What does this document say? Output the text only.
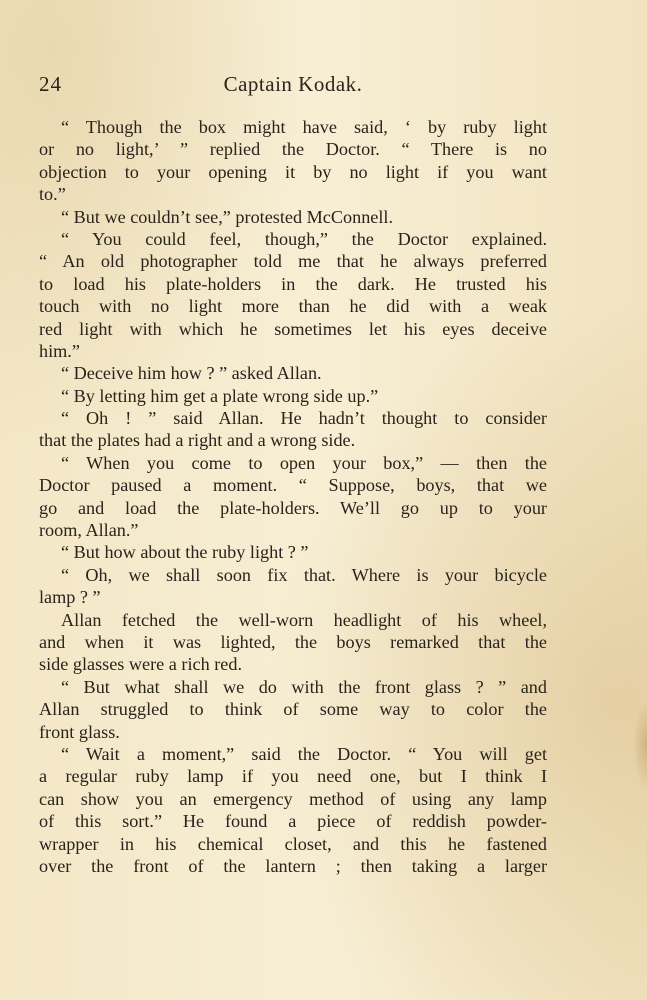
24	Captain Kodak.
“ Though the box might have said, ‘ by ruby light
or no light,’ ” replied the Doctor. “ There is no
objection to your opening it by no light if you want
to.”
“ But we couldn’t see,” protested McConnell.
“ You could feel, though,” the Doctor explained.
“ An old photographer told me that he always preferred
to load his plate-holders in the dark. He trusted his
touch with no light more than he did with a weak
red light with which he sometimes let his eyes deceive
him.”
“ Deceive him how ? ” asked Allan.
“ By letting him get a plate wrong side up.”
“ Oh ! ” said Allan. He hadn’t thought to consider
that the plates had a right and a wrong side.
“ When you come to open your box,” — then the
Doctor paused a moment. “ Suppose, boys, that we
go and load the plate-holders. We’ll go up to your
room, Allan.”
“ But how about the ruby light ? ”
“ Oh, we shall soon fix that. Where is your bicycle
lamp ? ”
Allan fetched the well-worn headlight of his wheel,
and when it was lighted, the boys remarked that the
side glasses were a rich red.
“ But what shall we do with the front glass ? ” and
Allan struggled to think of some way to color the
front glass.
“ Wait a moment,” said the Doctor. “ You will get
a regular ruby lamp if you need one, but I think I
can show you an emergency method of using any lamp
of this sort.” He found a piece of reddish powder-
wrapper in his chemical closet, and this he fastened
over the front of the lantern ; then taking a larger
